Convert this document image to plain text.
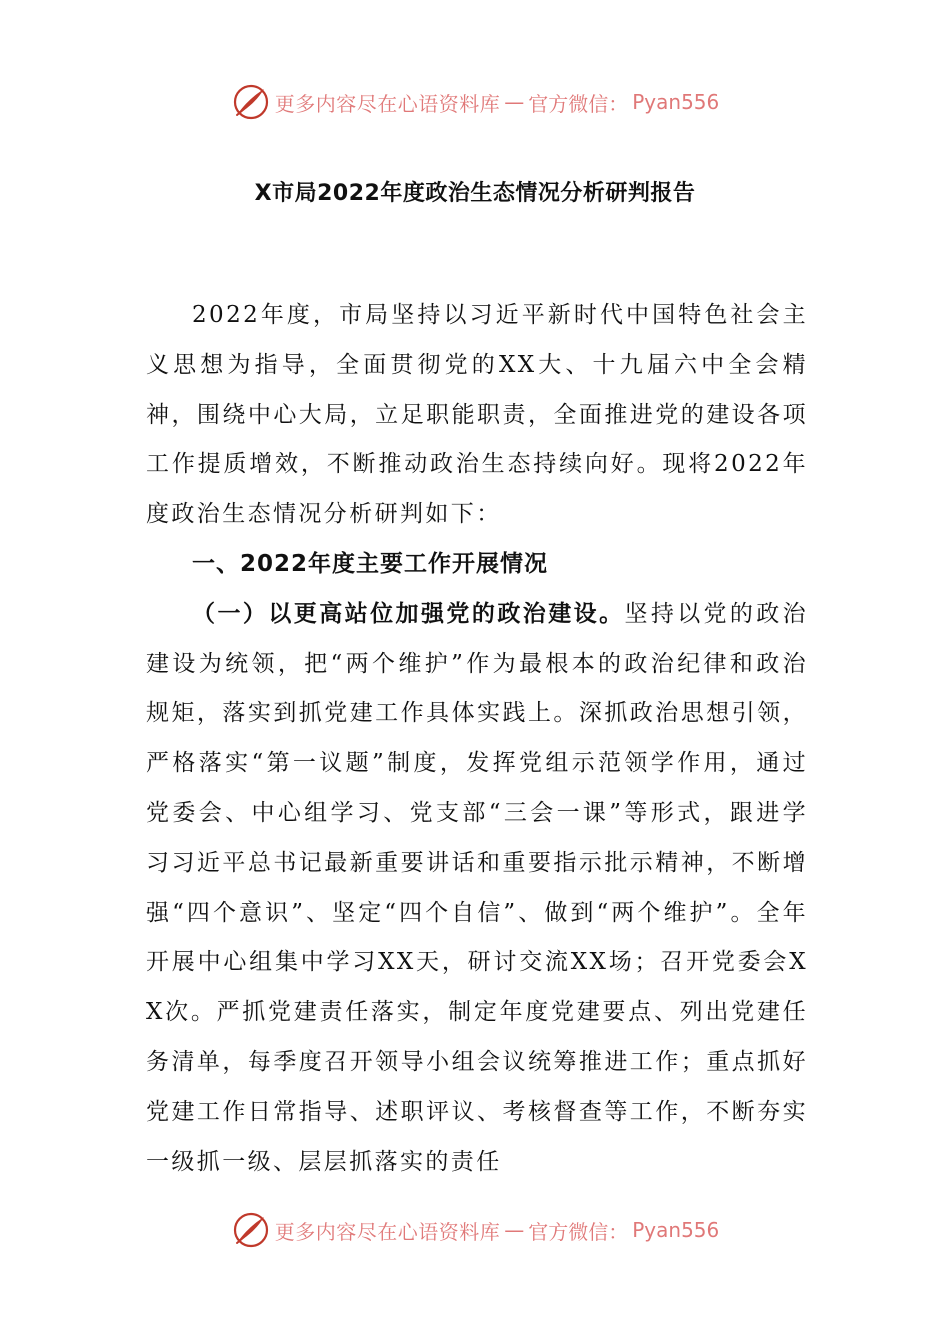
更多内容尽在心语资料库 — 官方微信： Pyan556
X市局2022年度政治生态情况分析研判报告

2022年度，市局坚持以习近平新时代中国特色社会主义思想为指导，全面贯彻党的XX大、十九届六中全会精神，围绕中心大局，立足职能职责，全面推进党的建设各项工作提质增效，不断推动政治生态持续向好。现将2022年度政治生态情况分析研判如下：

一、2022年度主要工作开展情况

（一）以更高站位加强党的政治建设。坚持以党的政治建设为统领，把“两个维护”作为最根本的政治纪律和政治规矩，落实到抓党建工作具体实践上。深抓政治思想引领，严格落实“第一议题”制度，发挥党组示范领学作用，通过党委会、中心组学习、党支部“三会一课”等形式，跟进学习习近平总书记最新重要讲话和重要指示批示精神，不断增强“四个意识”、坚定“四个自信”、做到“两个维护”。全年开展中心组集中学习XX天，研讨交流XX场；召开党委会XX次。严抓党建责任落实，制定年度党建要点、列出党建任务清单，每季度召开领导小组会议统筹推进工作；重点抓好党建工作日常指导、述职评议、考核督查等工作，不断夯实一级抓一级、层层抓落实的责任

更多内容尽在心语资料库 — 官方微信： Pyan556
